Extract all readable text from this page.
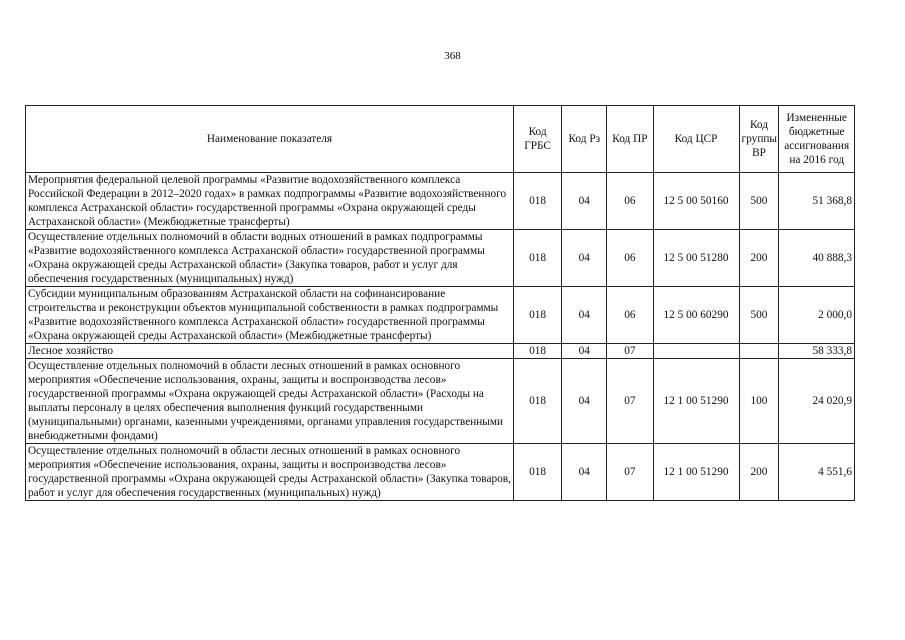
368
Наименование показателя	Код ГРБС	Код Рз	Код ПР	Код ЦСР	Код группы ВР	Измененные бюджетные ассигнования на 2016 год
Мероприятия федеральной целевой программы «Развитие водохозяйственного комплекса Российской Федерации в 2012–2020 годах» в рамках подпрограммы «Развитие водохозяйственного комплекса Астраханской области» государственной программы «Охрана окружающей среды Астраханской области» (Межбюджетные трансферты)	018	04	06	12 5 00 50160	500	51 368,8
Осуществление отдельных полномочий в области водных отношений в рамках подпрограммы «Развитие водохозяйственного комплекса Астраханской области» государственной программы «Охрана окружающей среды Астраханской области» (Закупка товаров, работ и услуг для обеспечения государственных (муниципальных) нужд)	018	04	06	12 5 00 51280	200	40 888,3
Субсидии муниципальным образованиям Астраханской области на софинансирование строительства и реконструкции объектов муниципальной собственности в рамках подпрограммы «Развитие водохозяйственного комплекса Астраханской области» государственной программы «Охрана окружающей среды Астраханской области» (Межбюджетные трансферты)	018	04	06	12 5 00 60290	500	2 000,0
Лесное хозяйство	018	04	07			58 333,8
Осуществление отдельных полномочий в области лесных отношений в рамках основного мероприятия «Обеспечение использования, охраны, защиты и воспроизводства лесов» государственной программы «Охрана окружающей среды Астраханской области» (Расходы на выплаты персоналу в целях обеспечения выполнения функций государственными (муниципальными) органами, казенными учреждениями, органами управления государственными внебюджетными фондами)	018	04	07	12 1 00 51290	100	24 020,9
Осуществление отдельных полномочий в области лесных отношений в рамках основного мероприятия «Обеспечение использования, охраны, защиты и воспроизводства лесов» государственной программы «Охрана окружающей среды Астраханской области» (Закупка товаров, работ и услуг для обеспечения государственных (муниципальных) нужд)	018	04	07	12 1 00 51290	200	4 551,6
